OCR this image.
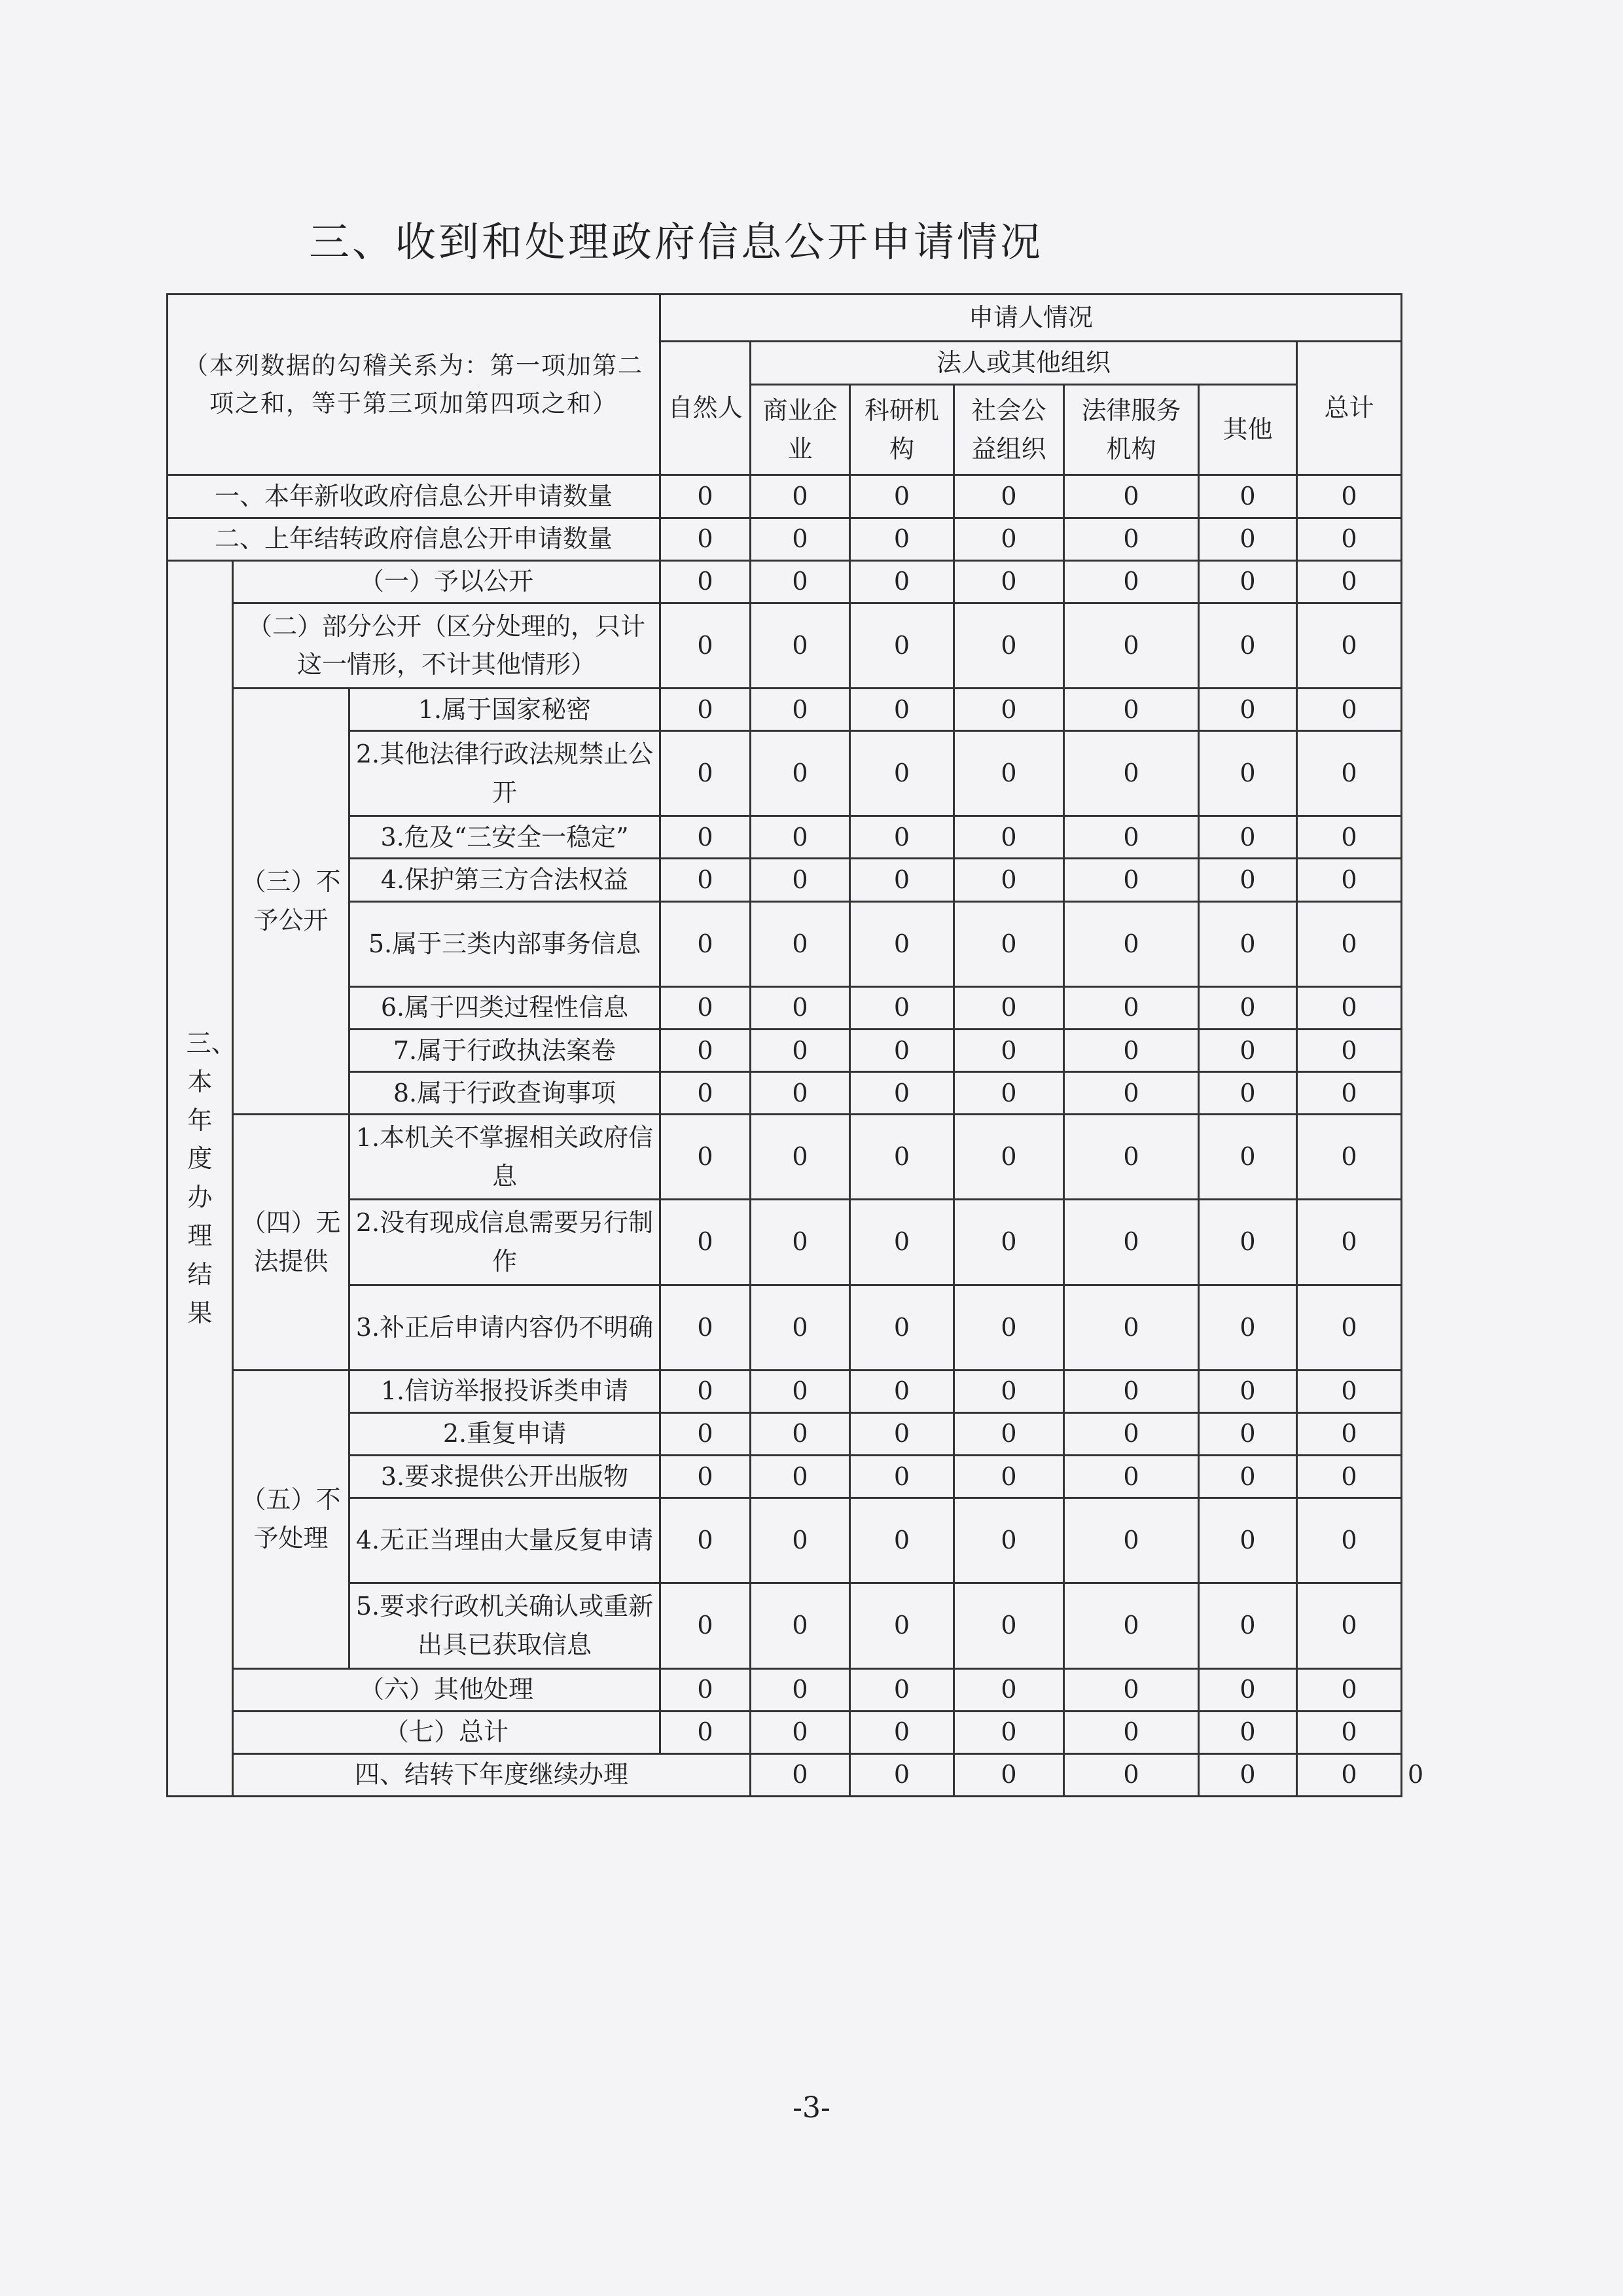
三、收到和处理政府信息公开申请情况
（本列数据的勾稽关系为：第一项加第二项之和，等于第三项加第四项之和）			申请人情况							
			自然人	法人或其他组织					总计	
				商业企业	科研机构	社会公益组织	法律服务机构	其他		
一、本年新收政府信息公开申请数量			0	0	0	0	0	0	0	
二、上年结转政府信息公开申请数量			0	0	0	0	0	0	0	

三、本年度办理结果	（一）予以公开		0	0	0	0	0	0	0	
	（二）部分公开（区分处理的，只计这一情形，不计其他情形）		0	0	0	0	0	0	0	
	（三）不予公开	1.属于国家秘密	0	0	0	0	0	0	0	
		2.其他法律行政法规禁止公开	0	0	0	0	0	0	0	
		3.危及“三安全一稳定”	0	0	0	0	0	0	0	
		4.保护第三方合法权益	0	0	0	0	0	0	0	
		5.属于三类内部事务信息	0	0	0	0	0	0	0	
		6.属于四类过程性信息	0	0	0	0	0	0	0	
		7.属于行政执法案卷	0	0	0	0	0	0	0	
		8.属于行政查询事项	0	0	0	0	0	0	0	
	（四）无法提供	1.本机关不掌握相关政府信息	0	0	0	0	0	0	0	
		2.没有现成信息需要另行制作	0	0	0	0	0	0	0	
		3.补正后申请内容仍不明确	0	0	0	0	0	0	0	
	（五）不予处理	1.信访举报投诉类申请	0	0	0	0	0	0	0	
		2.重复申请	0	0	0	0	0	0	0	
		3.要求提供公开出版物	0	0	0	0	0	0	0	
		4.无正当理由大量反复申请	0	0	0	0	0	0	0	
		5.要求行政机关确认或重新出具已获取信息	0	0	0	0	0	0	0	
	（六）其他处理		0	0	0	0	0	0	0	
	（七）总计		0	0	0	0	0	0	0	
	四、结转下年度继续办理			0	0	0	0	0	0	0
-3-
